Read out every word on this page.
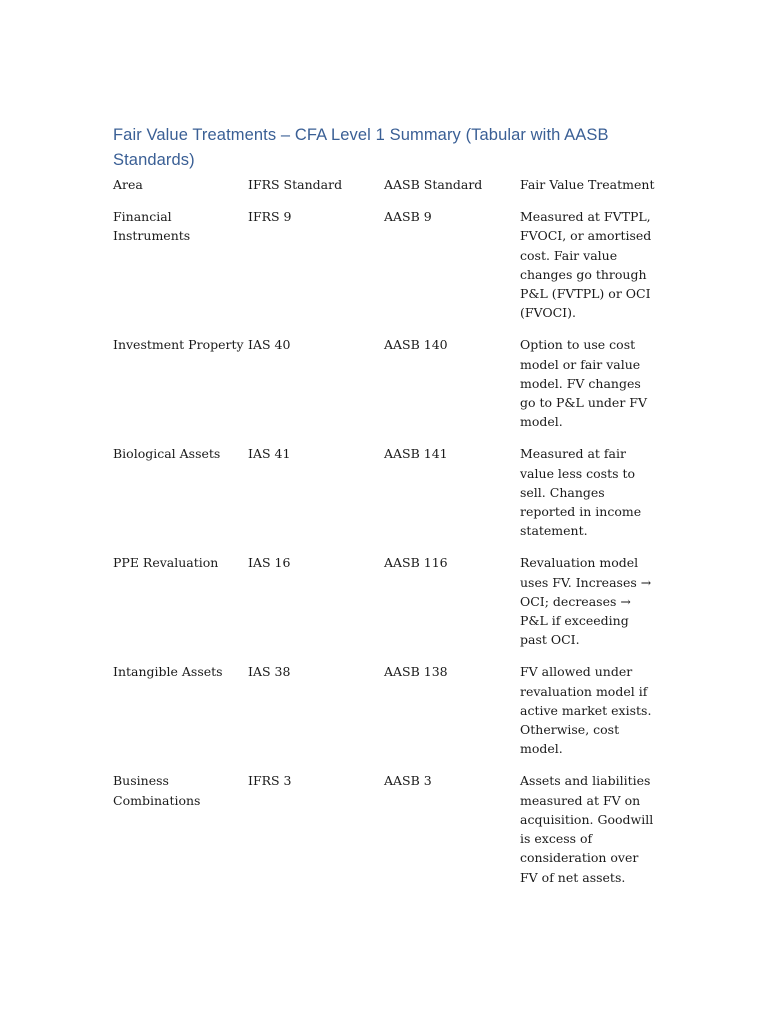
Fair Value Treatments – CFA Level 1 Summary (Tabular with AASB Standards)
Area	IFRS Standard	AASB Standard	Fair Value Treatment
Financial Instruments	IFRS 9	AASB 9	Measured at FVTPL, FVOCI, or amortised cost. Fair value changes go through P&L (FVTPL) or OCI (FVOCI).
Investment Property	IAS 40	AASB 140	Option to use cost model or fair value model. FV changes go to P&L under FV model.
Biological Assets	IAS 41	AASB 141	Measured at fair value less costs to sell. Changes reported in income statement.
PPE Revaluation	IAS 16	AASB 116	Revaluation model uses FV. Increases → OCI; decreases → P&L if exceeding past OCI.
Intangible Assets	IAS 38	AASB 138	FV allowed under revaluation model if active market exists. Otherwise, cost model.
Business Combinations	IFRS 3	AASB 3	Assets and liabilities measured at FV on acquisition. Goodwill is excess of consideration over FV of net assets.
